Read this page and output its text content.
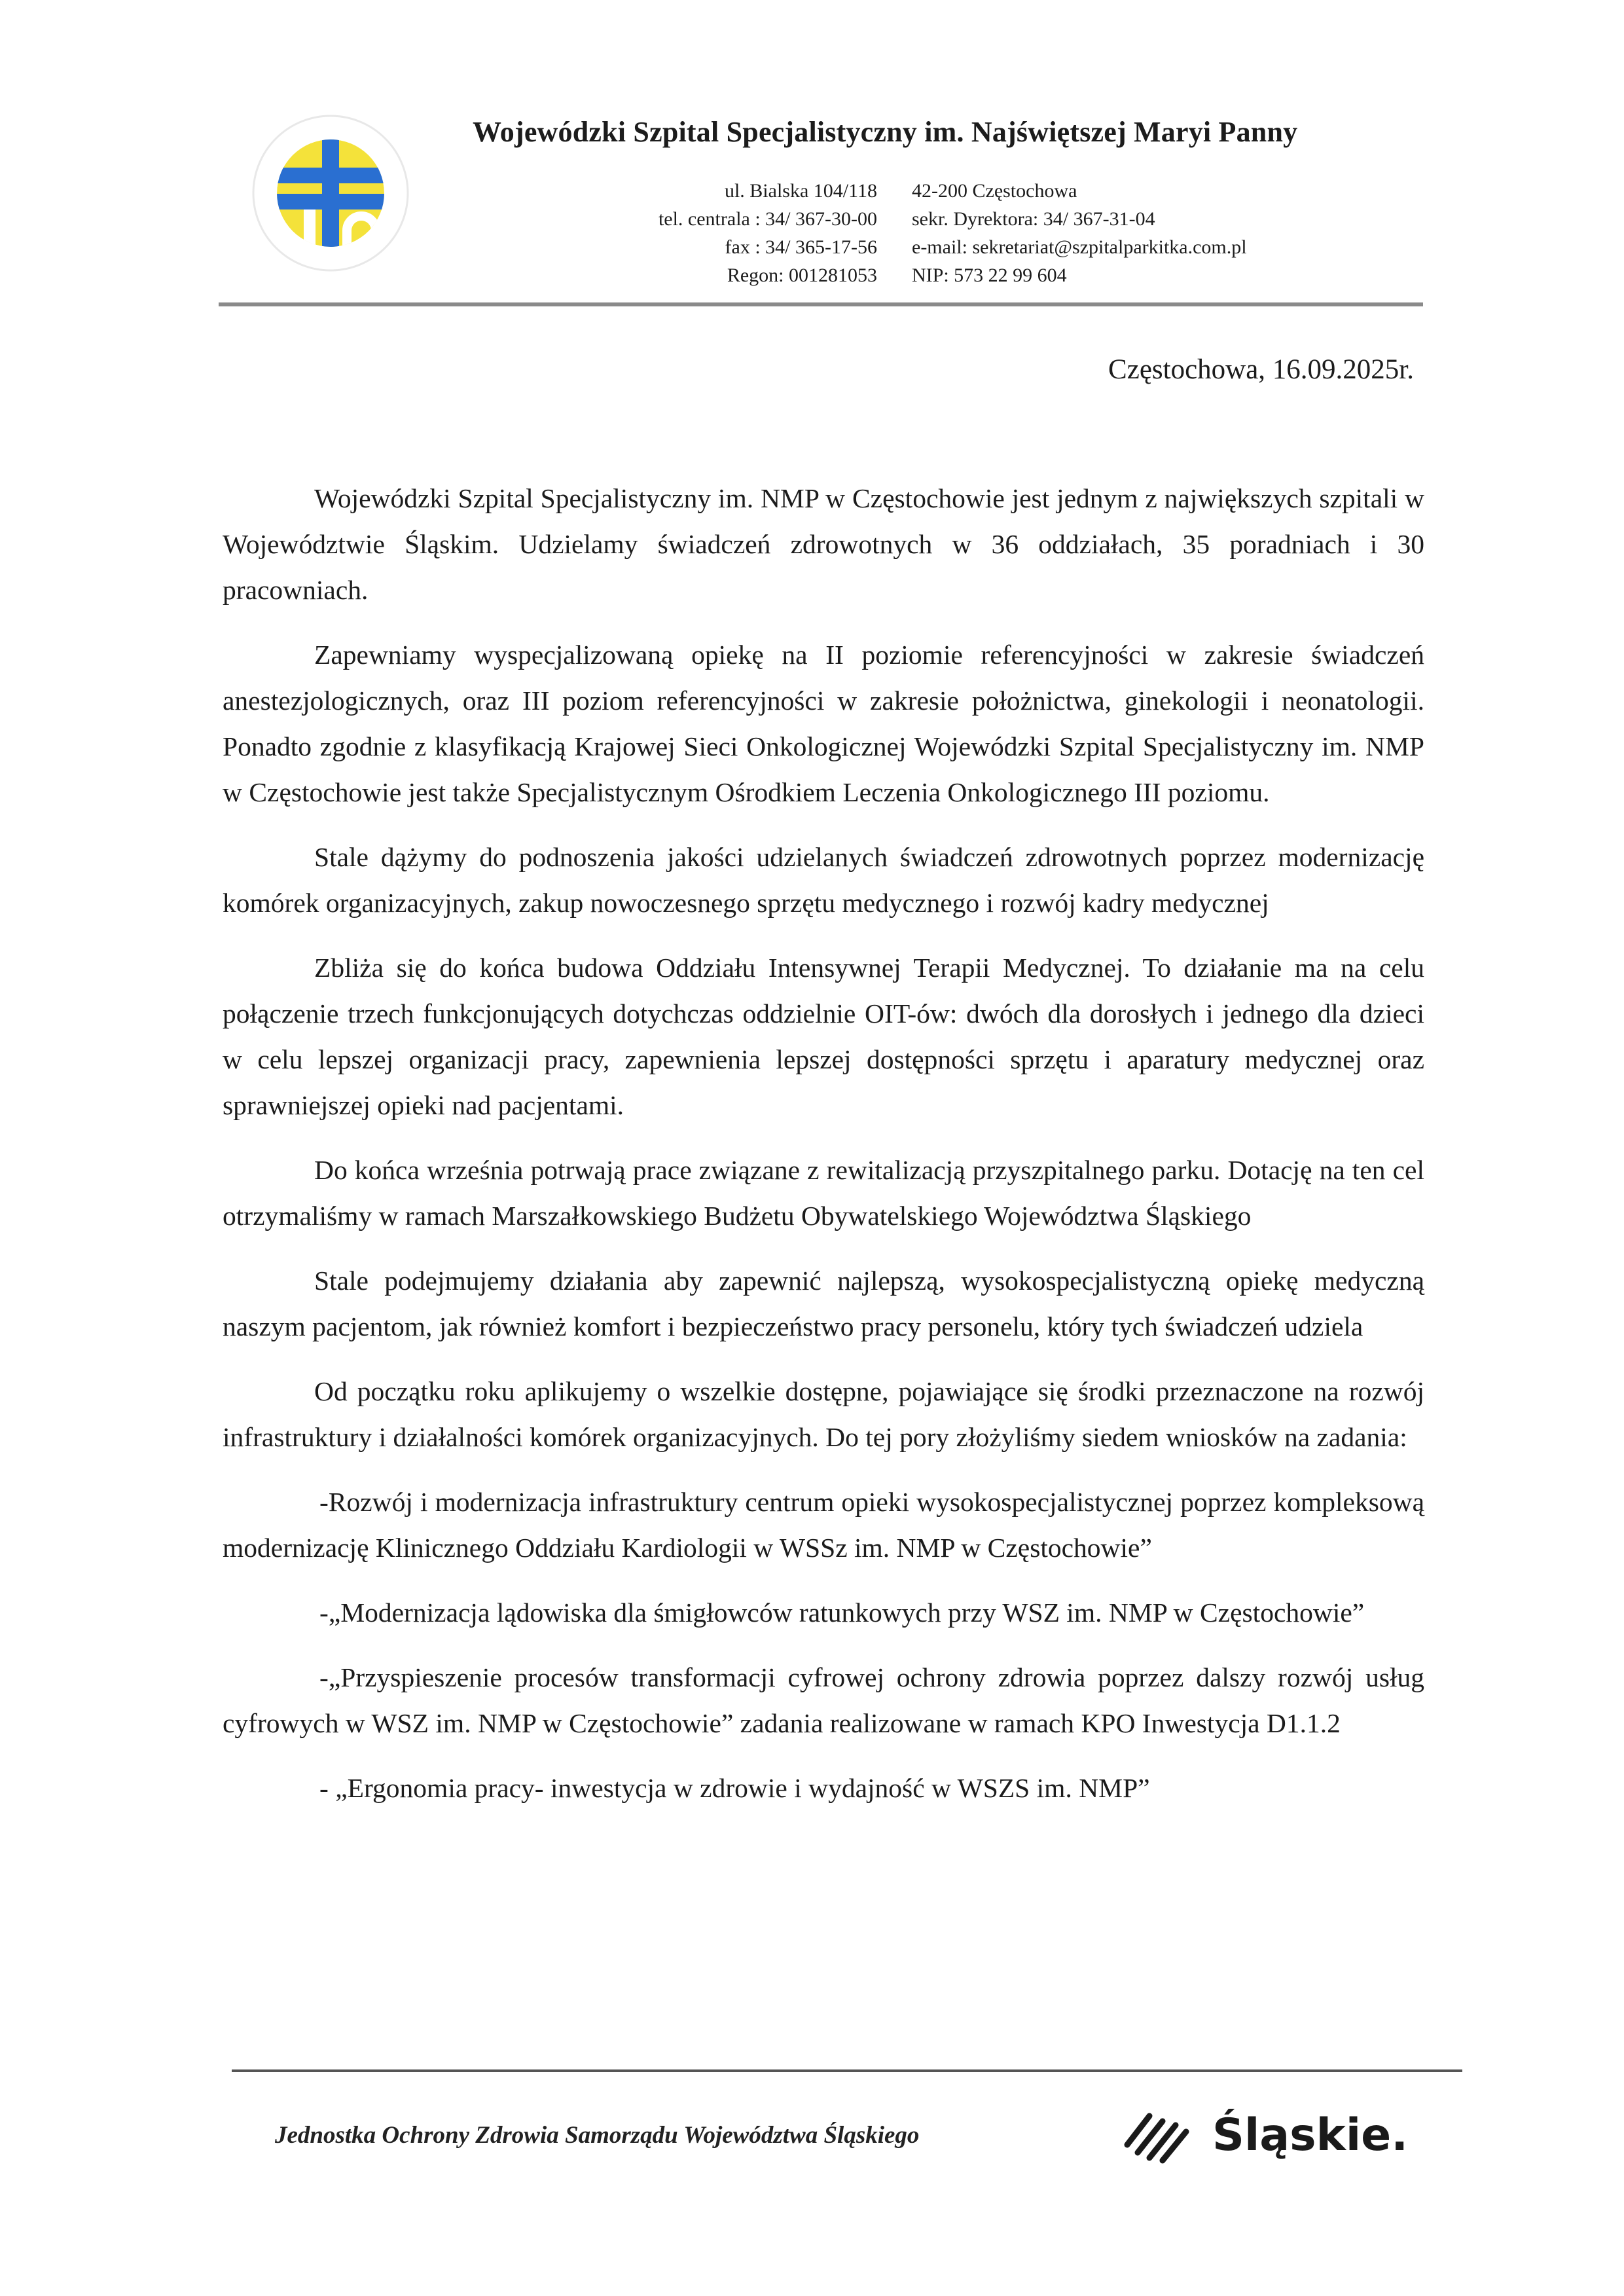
Wojewódzki Szpital Specjalistyczny im. Najświętszej Maryi Panny
ul. Bialska 104/118
tel. centrala : 34/ 367-30-00
fax : 34/ 365-17-56
Regon: 001281053
42-200 Częstochowa
sekr. Dyrektora: 34/ 367-31-04
e-mail: sekretariat@szpitalparkitka.com.pl
NIP: 573 22 99 604
Częstochowa, 16.09.2025r.

Wojewódzki Szpital Specjalistyczny im. NMP w Częstochowie jest jednym z największych szpitali w Województwie Śląskim. Udzielamy świadczeń zdrowotnych w 36 oddziałach, 35 poradniach i 30 pracowniach.

Zapewniamy wyspecjalizowaną opiekę na II poziomie referencyjności w zakresie świadczeń anestezjologicznych, oraz III poziom referencyjności w zakresie położnictwa, ginekologii i neonatologii. Ponadto zgodnie z klasyfikacją Krajowej Sieci Onkologicznej Wojewódzki Szpital Specjalistyczny im. NMP w Częstochowie jest także Specjalistycznym Ośrodkiem Leczenia Onkologicznego III poziomu.

Stale dążymy do podnoszenia jakości udzielanych świadczeń zdrowotnych poprzez modernizację komórek organizacyjnych, zakup nowoczesnego sprzętu medycznego i rozwój kadry medycznej

Zbliża się do końca budowa Oddziału Intensywnej Terapii Medycznej. To działanie ma na celu połączenie trzech funkcjonujących dotychczas oddzielnie OIT-ów: dwóch dla dorosłych i jednego dla dzieci w celu lepszej organizacji pracy, zapewnienia lepszej dostępności sprzętu i aparatury medycznej oraz sprawniejszej opieki nad pacjentami.

Do końca września potrwają prace związane z rewitalizacją przyszpitalnego parku. Dotację na ten cel otrzymaliśmy w ramach Marszałkowskiego Budżetu Obywatelskiego Województwa Śląskiego

Stale podejmujemy działania aby zapewnić najlepszą, wysokospecjalistyczną opiekę medyczną naszym pacjentom, jak również komfort i bezpieczeństwo pracy personelu, który tych świadczeń udziela

Od początku roku aplikujemy o wszelkie dostępne, pojawiające się środki przeznaczone na rozwój infrastruktury i działalności komórek organizacyjnych. Do tej pory złożyliśmy siedem wniosków na zadania:

-Rozwój i modernizacja infrastruktury centrum opieki wysokospecjalistycznej poprzez kompleksową modernizację Klinicznego Oddziału Kardiologii w WSSz im. NMP w Częstochowie”

-„Modernizacja lądowiska dla śmigłowców ratunkowych przy WSZ im. NMP w Częstochowie”

-„Przyspieszenie procesów transformacji cyfrowej ochrony zdrowia poprzez dalszy rozwój usług cyfrowych w WSZ im. NMP w Częstochowie” zadania realizowane w ramach KPO Inwestycja D1.1.2

- „Ergonomia pracy- inwestycja w zdrowie i wydajność w WSZS im. NMP”

Jednostka Ochrony Zdrowia Samorządu Województwa Śląskiego	Śląskie.
